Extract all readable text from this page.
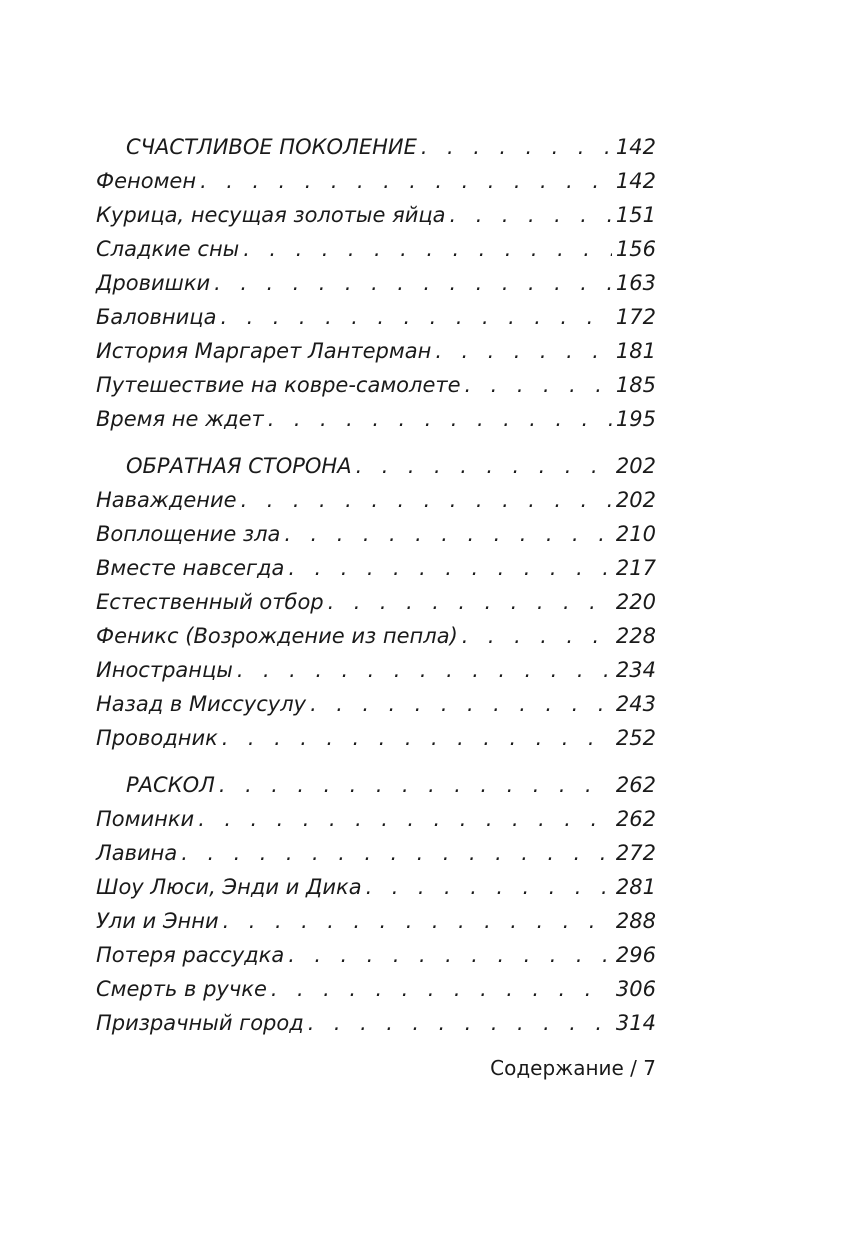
СЧАСТЛИВОЕ ПОКОЛЕНИЕ . . .	142
Феномен . . .	142
Курица, несущая золотые яйца . . .	151
Сладкие сны . . .	156
Дровишки . . .	163
Баловница . . .	172
История Маргарет Лантерман . . .	181
Путешествие на ковре-самолете . . .	185
Время не ждет . . .	195
ОБРАТНАЯ СТОРОНА . . .	202
Наваждение . . .	202
Воплощение зла . . .	210
Вместе навсегда . . .	217
Естественный отбор . . .	220
Феникс (Возрождение из пепла) . . .	228
Иностранцы . . .	234
Назад в Миссусулу . . .	243
Проводник . . .	252
РАСКОЛ . . .	262
Поминки . . .	262
Лавина . . .	272
Шоу Люси, Энди и Дика . . .	281
Ули и Энни . . .	288
Потеря рассудка . . .	296
Смерть в ручке . . .	306
Призрачный город . . .	314
Содержание / 7
